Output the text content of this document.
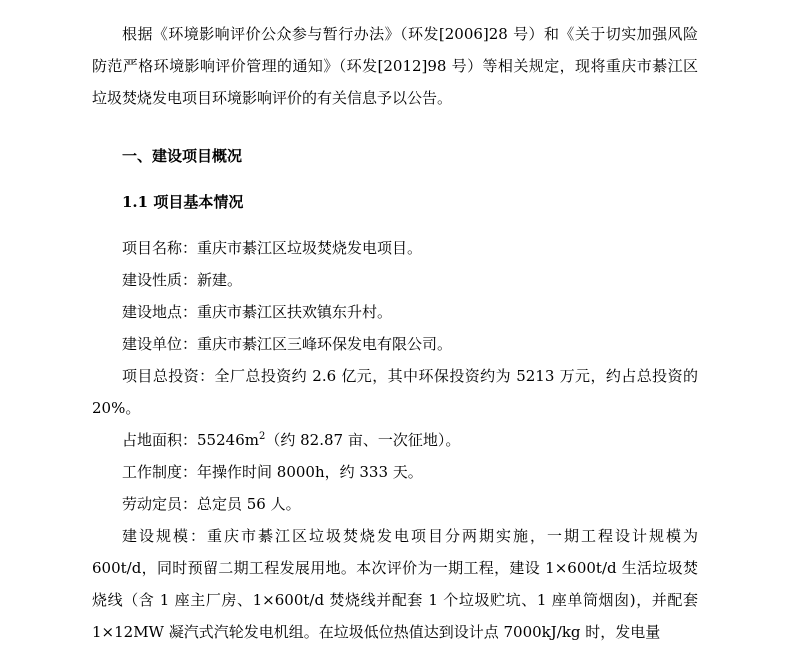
根据《环境影响评价公众参与暂行办法》（环发[2006]28 号）和《关于切实加强风险防范严格环境影响评价管理的通知》（环发[2012]98 号）等相关规定，现将重庆市綦江区垃圾焚烧发电项目环境影响评价的有关信息予以公告。

一、建设项目概况

1.1 项目基本情况

项目名称：重庆市綦江区垃圾焚烧发电项目。

建设性质：新建。

建设地点：重庆市綦江区扶欢镇东升村。

建设单位：重庆市綦江区三峰环保发电有限公司。

项目总投资：全厂总投资约 2.6 亿元，其中环保投资约为 5213 万元，约占总投资的 20%。

占地面积：$55246m^2$（约 82.87 亩、一次征地）。

工作制度：年操作时间 8000h，约 333 天。

劳动定员：总定员 56 人。

建设规模：重庆市綦江区垃圾焚烧发电项目分两期实施，一期工程设计规模为 600t/d，同时预留二期工程发展用地。本次评价为一期工程，建设 1×600t/d 生活垃圾焚烧线（含 1 座主厂房、1×600t/d 焚烧线并配套 1 个垃圾贮坑、1 座单筒烟囱)，并配套 1×12MW 凝汽式汽轮发电机组。在垃圾低位热值达到设计点 7000kJ/kg 时，发电量
